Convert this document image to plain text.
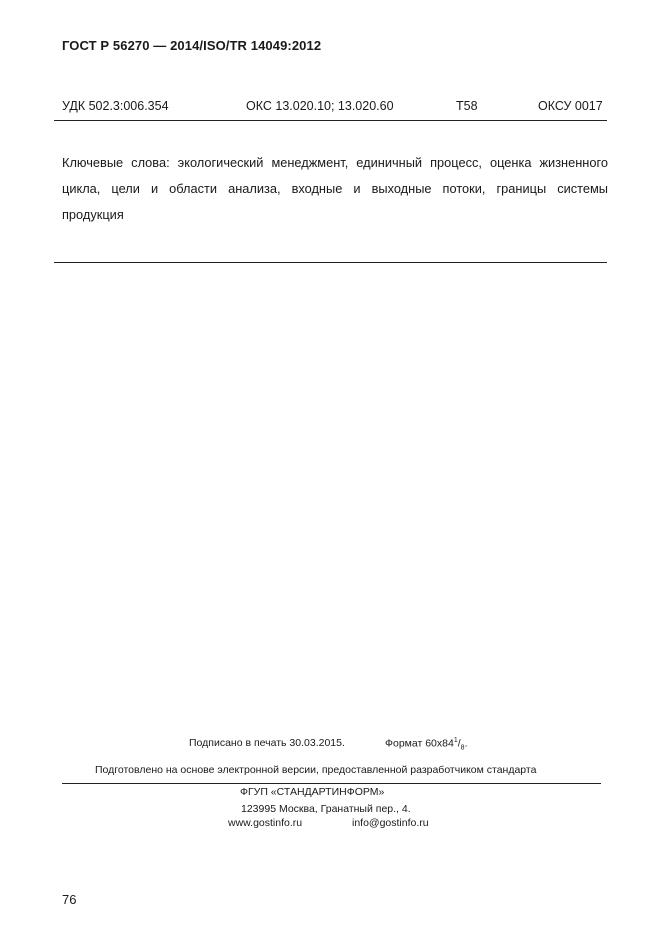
ГОСТ Р 56270 — 2014/ISO/TR 14049:2012
УДК 502.3:006.354	ОКС 13.020.10; 13.020.60	Т58	ОКСУ 0017
Ключевые слова: экологический менеджмент, единичный процесс, оценка жизненного
цикла, цели и области анализа, входные и выходные потоки, границы системы
продукция
Подписано в печать 30.03.2015.	Формат $60x84^1/_8$.
Подготовлено на основе электронной версии, предоставленной разработчиком стандарта
ФГУП «СТАНДАРТИНФОРМ»
123995 Москва, Гранатный пер., 4.
www.gostinfo.ru	info@gostinfo.ru
76
